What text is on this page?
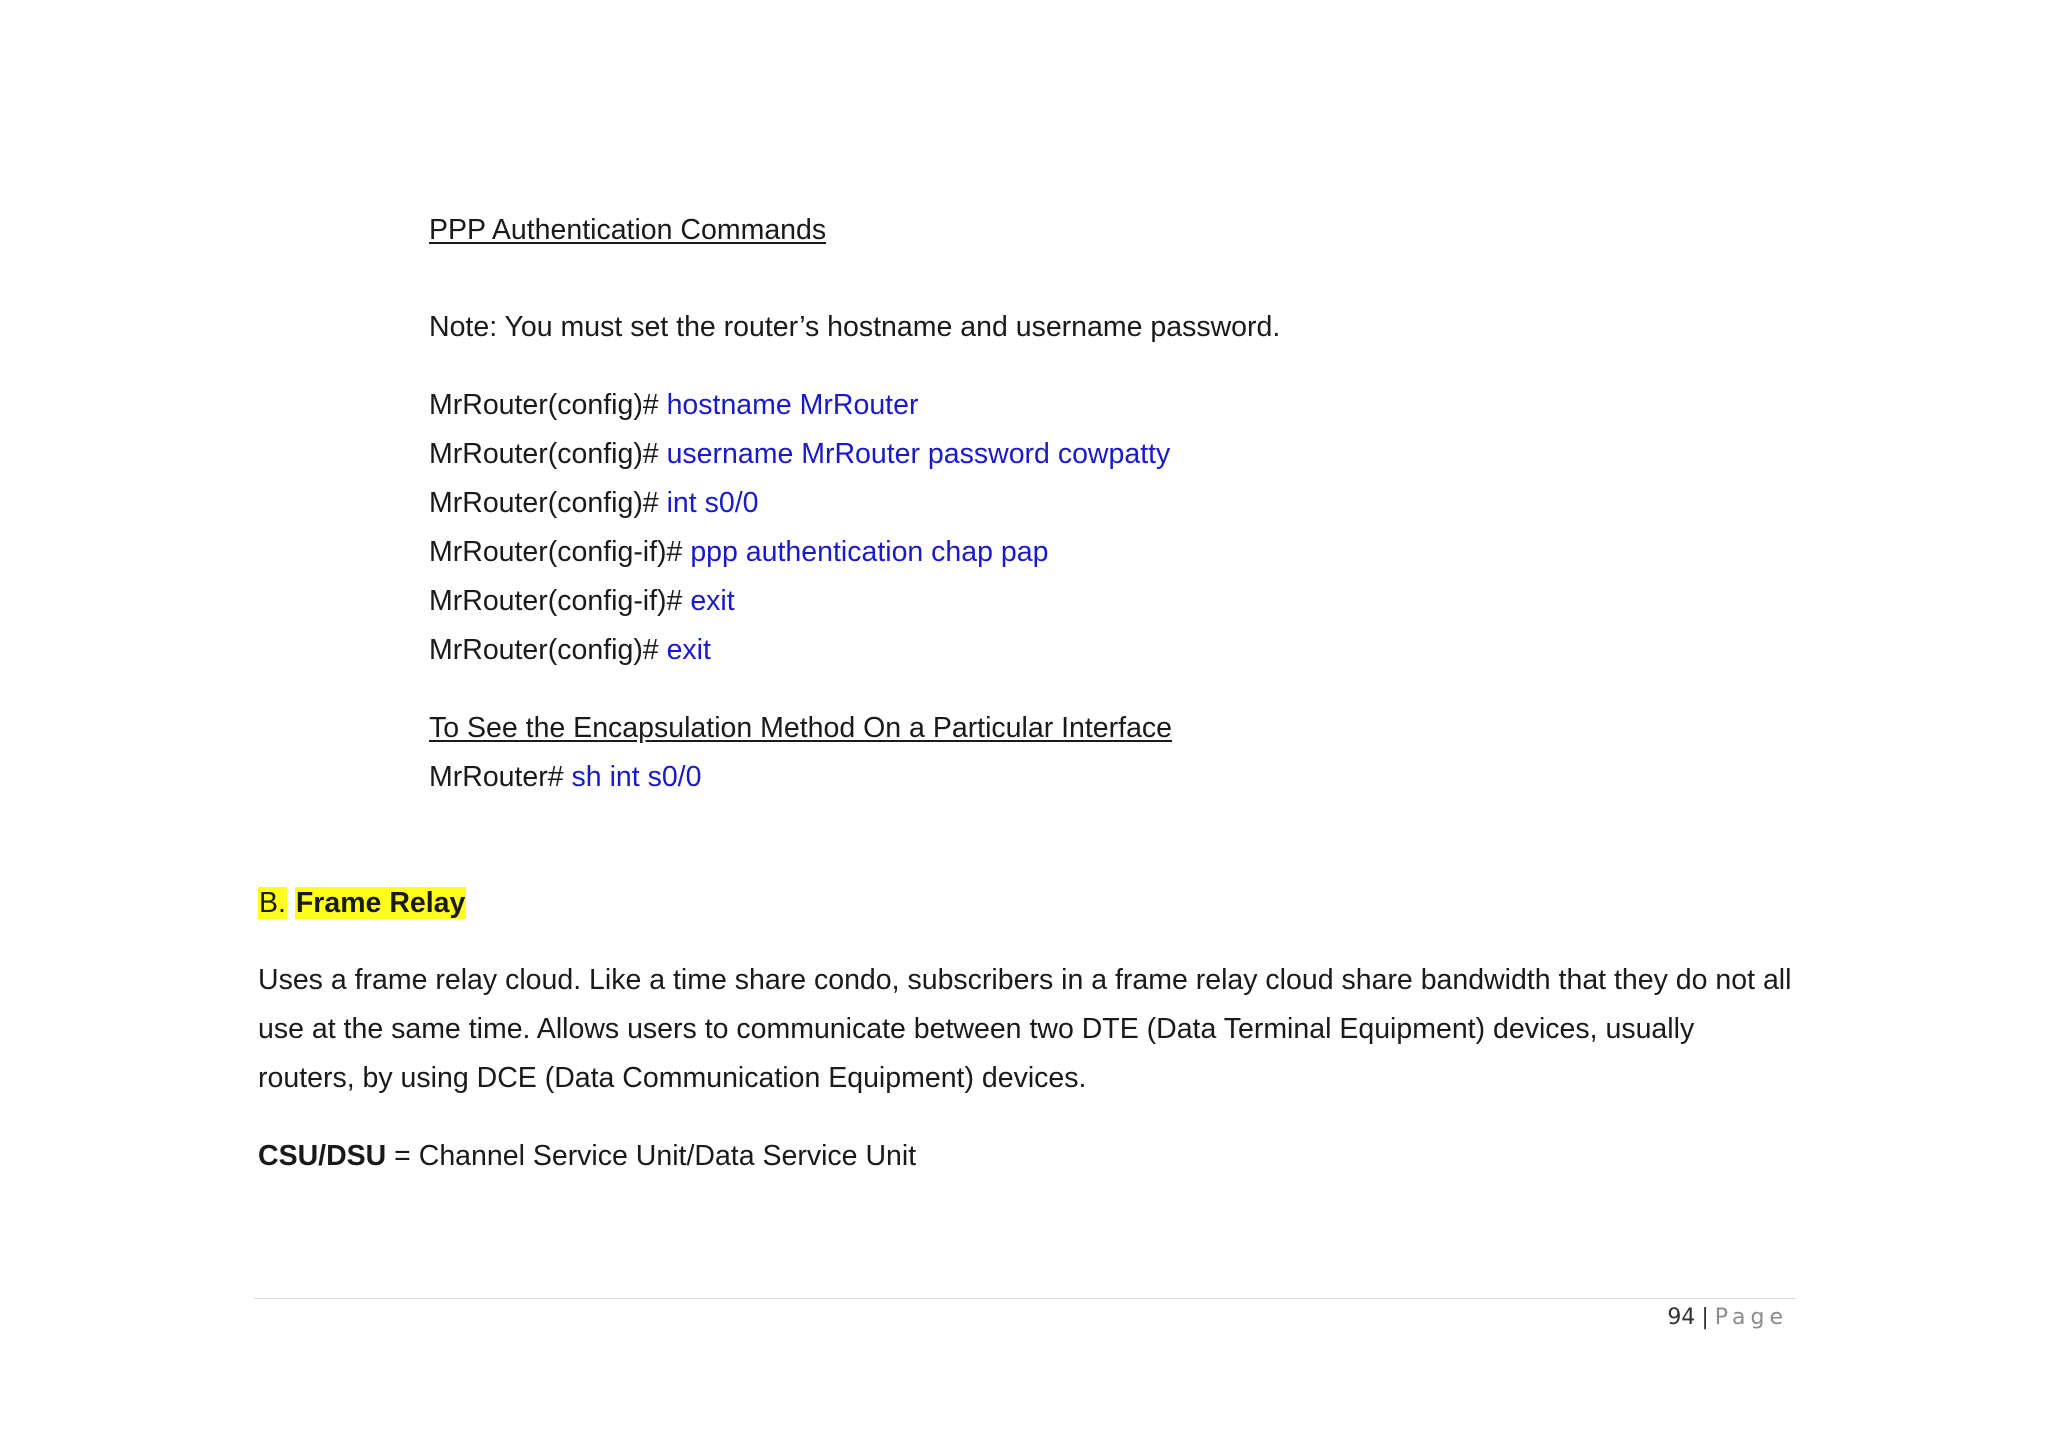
PPP Authentication Commands
Note: You must set the router’s hostname and username password.
MrRouter(config)# hostname MrRouter
MrRouter(config)# username MrRouter password cowpatty
MrRouter(config)# int s0/0
MrRouter(config-if)# ppp authentication chap pap
MrRouter(config-if)# exit
MrRouter(config)# exit
To See the Encapsulation Method On a Particular Interface
MrRouter# sh int s0/0
B. Frame Relay
Uses a frame relay cloud. Like a time share condo, subscribers in a frame relay cloud share bandwidth that they do not all
use at the same time. Allows users to communicate between two DTE (Data Terminal Equipment) devices, usually
routers, by using DCE (Data Communication Equipment) devices.
CSU/DSU = Channel Service Unit/Data Service Unit
94 | Page
